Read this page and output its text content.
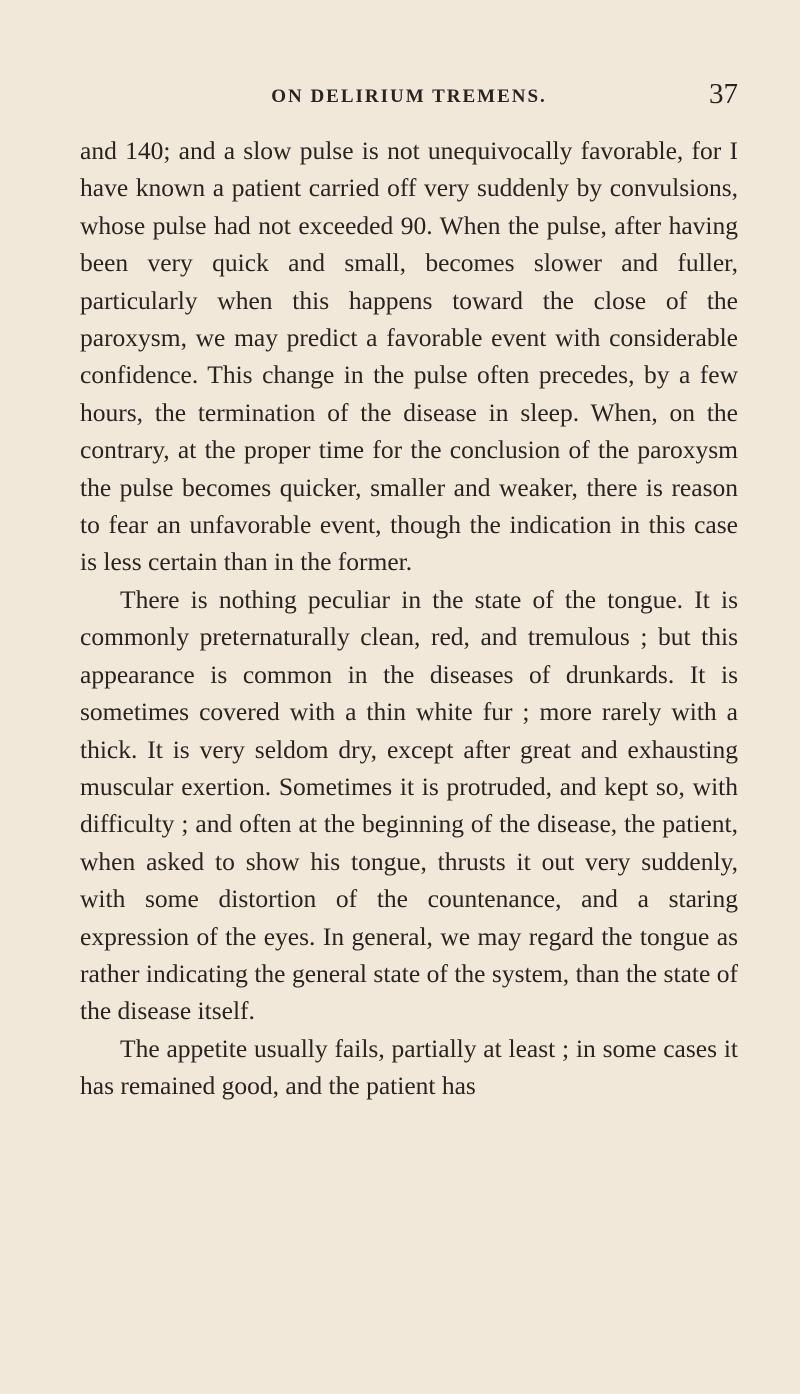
ON DELIRIUM TREMENS.	37

and 140; and a slow pulse is not unequivocally favorable, for I have known a patient carried off very suddenly by convulsions, whose pulse had not exceeded 90. When the pulse, after having been very quick and small, becomes slower and fuller, particularly when this happens toward the close of the paroxysm, we may predict a favorable event with considerable confidence. This change in the pulse often precedes, by a few hours, the termination of the disease in sleep. When, on the contrary, at the proper time for the conclusion of the paroxysm the pulse becomes quicker, smaller and weaker, there is reason to fear an unfavorable event, though the indication in this case is less certain than in the former.

There is nothing peculiar in the state of the tongue. It is commonly preternaturally clean, red, and tremulous ; but this appearance is common in the diseases of drunkards. It is sometimes covered with a thin white fur ; more rarely with a thick. It is very seldom dry, except after great and exhausting muscular exertion. Sometimes it is protruded, and kept so, with difficulty ; and often at the beginning of the disease, the patient, when asked to show his tongue, thrusts it out very suddenly, with some distortion of the countenance, and a staring expression of the eyes. In general, we may regard the tongue as rather indicating the general state of the system, than the state of the disease itself.

The appetite usually fails, partially at least ; in some cases it has remained good, and the patient has
